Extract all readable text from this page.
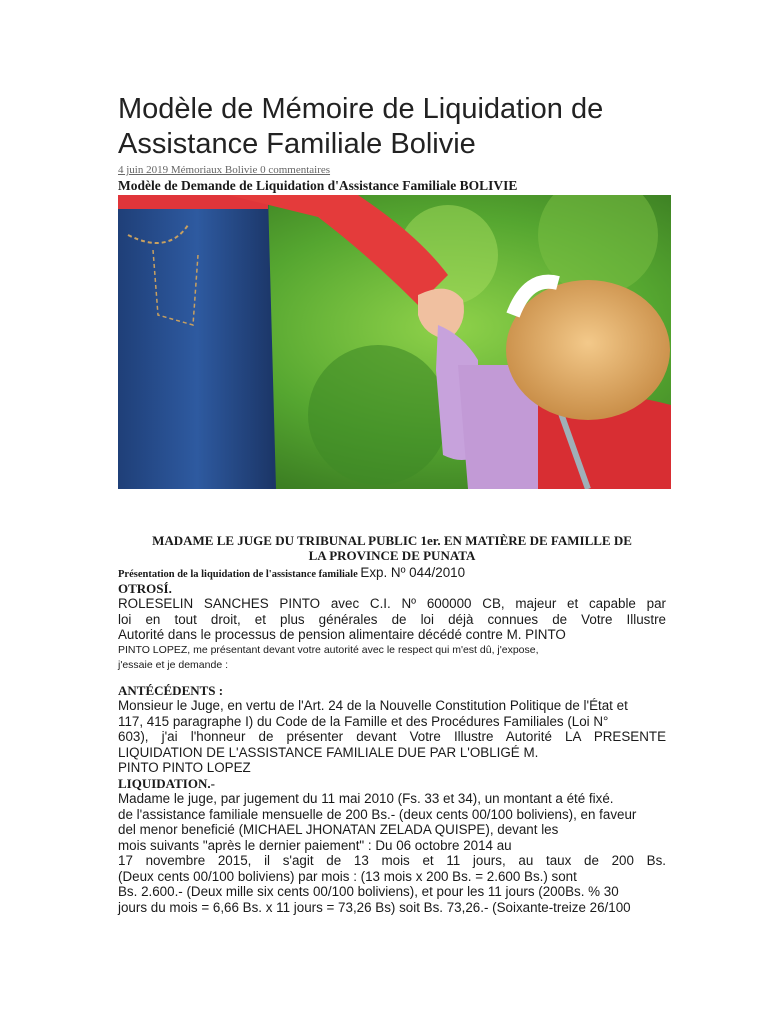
Modèle de Mémoire de Liquidation de
Assistance Familiale Bolivie
4 juin 2019 Mémoriaux Bolivie 0 commentaires
Modèle de Demande de Liquidation d'Assistance Familiale BOLIVIE
MADAME LE JUGE DU TRIBUNAL PUBLIC 1er. EN MATIÈRE DE FAMILLE DE
LA PROVINCE DE PUNATA
Présentation de la liquidation de l'assistance familiale Exp. Nº 044/2010
OTROSÍ.
ROLESELIN SANCHES PINTO avec C.I. Nº 600000 CB, majeur et capable par
loi en tout droit, et plus générales de loi déjà connues de Votre Illustre
Autorité dans le processus de pension alimentaire décédé contre M. PINTO
PINTO LOPEZ, me présentant devant votre autorité avec le respect qui m'est dû, j'expose,
j'essaie et je demande :
ANTÉCÉDENTS :
Monsieur le Juge, en vertu de l'Art. 24 de la Nouvelle Constitution Politique de l'État et
117, 415 paragraphe I) du Code de la Famille et des Procédures Familiales (Loi N°
603), j'ai l'honneur de présenter devant Votre Illustre Autorité LA PRESENTE
LIQUIDATION DE L'ASSISTANCE FAMILIALE DUE PAR L'OBLIGÉ M.
PINTO PINTO LOPEZ
LIQUIDATION.-
Madame le juge, par jugement du 11 mai 2010 (Fs. 33 et 34), un montant a été fixé.
de l'assistance familiale mensuelle de 200 Bs.- (deux cents 00/100 boliviens), en faveur
del menor beneficié (MICHAEL JHONATAN ZELADA QUISPE), devant les
mois suivants "après le dernier paiement" : Du 06 octobre 2014 au
17 novembre 2015, il s'agit de 13 mois et 11 jours, au taux de 200 Bs.
(Deux cents 00/100 boliviens) par mois : (13 mois x 200 Bs. = 2.600 Bs.) sont
Bs. 2.600.- (Deux mille six cents 00/100 boliviens), et pour les 11 jours (200Bs. % 30
jours du mois = 6,66 Bs. x 11 jours = 73,26 Bs) soit Bs. 73,26.- (Soixante-treize 26/100
